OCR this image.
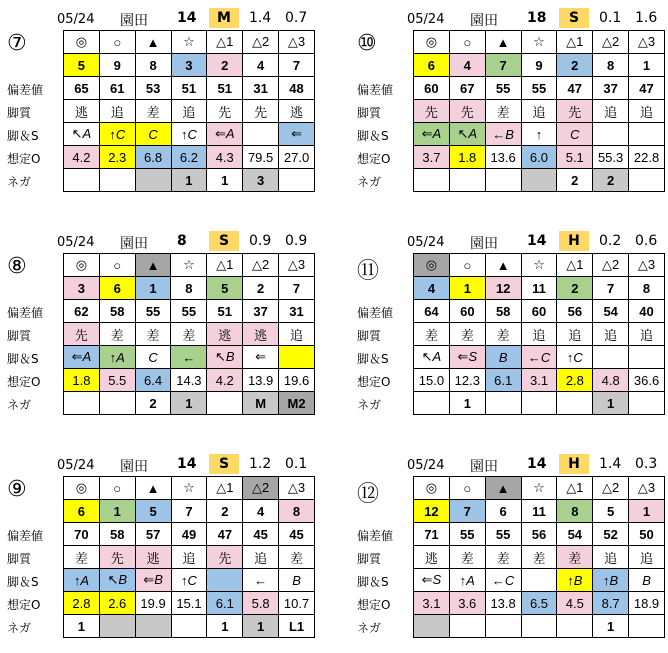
05/24 園田 14	M	1.4 0.7
⑦
偏差値
脚質
脚＆S
想定O
ネガ
◎	○	▲	☆	△1	△2	△3
5	9	8	3	2	4	7
65	61	53	51	51	31	48
逃	追	差	追	先	先	逃
↖A	↑C	C	↑C	⇐A		⇐
4.2	2.3	6.8	6.2	4.3	79.5	27.0
			1	1	3	
05/24 園田 18	S	0.1 1.6
⑩
偏差値
脚質
脚＆S
想定O
ネガ
◎	○	▲	☆	△1	△2	△3
6	4	7	9	2	8	1
60	67	55	55	47	37	47
先	先	差	追	先	追	追
⇐A	↖A	←B	↑	C		
3.7	1.8	13.6	6.0	5.1	55.3	22.8
				2	2	
05/24 園田 8	S	0.9 0.9
⑧
偏差値
脚質
脚＆S
想定O
ネガ
◎	○	▲	☆	△1	△2	△3
3	6	1	8	5	2	7
62	58	55	55	51	37	31
先	差	差	差	逃	逃	追
⇐A	↑A	C	←	↖B	⇐	
1.8	5.5	6.4	14.3	4.2	13.9	19.6
		2	1		M	M2
05/24 園田 14	H	0.2 0.6
⑪
偏差値
脚質
脚＆S
想定O
ネガ
◎	○	▲	☆	△1	△2	△3
4	1	12	11	2	7	8
64	60	58	60	56	54	40
差	差	差	追	追	追	追
↖A	⇐S	B	←C	↑C		
15.0	12.3	6.1	3.1	2.8	4.8	36.6
	1				1	
05/24 園田 14	S	1.2 0.1
⑨
偏差値
脚質
脚＆S
想定O
ネガ
◎	○	▲	☆	△1	△2	△3
6	1	5	7	2	4	8
70	58	57	49	47	45	45
差	先	逃	追	先	追	差
↑A	↖B	⇐B	↑C		←	B
2.8	2.6	19.9	15.1	6.1	5.8	10.7
1				1	1	L1
05/24 園田 14	H	1.4 0.3
⑫
偏差値
脚質
脚＆S
想定O
ネガ
◎	○	▲	☆	△1	△2	△3
12	7	6	11	8	5	1
71	55	55	56	54	52	50
逃	差	差	差	差	追	追
⇐S	↑A	←C		↑B	↑B	B
3.1	3.6	13.8	6.5	4.5	8.7	18.9
					1	
